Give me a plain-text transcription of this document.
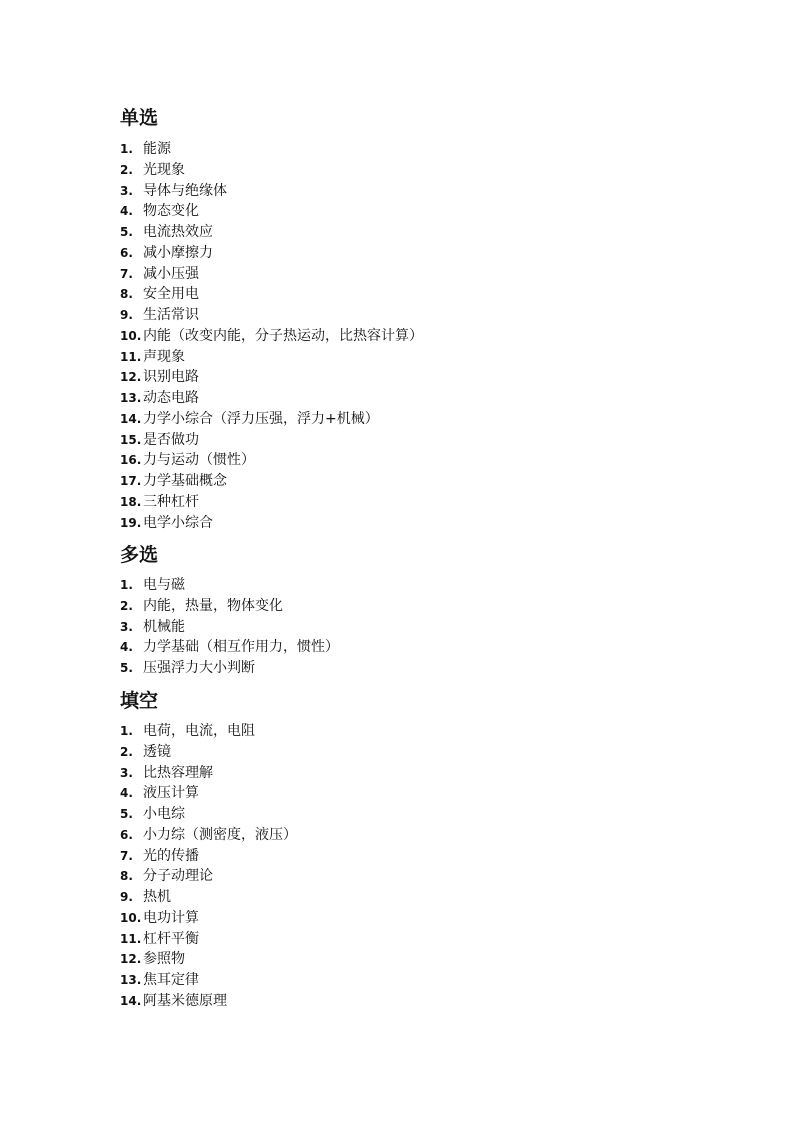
单选
1. 能源
2. 光现象
3. 导体与绝缘体
4. 物态变化
5. 电流热效应
6. 减小摩擦力
7. 减小压强
8. 安全用电
9. 生活常识
10. 内能（改变内能，分子热运动，比热容计算）
11. 声现象
12. 识别电路
13. 动态电路
14. 力学小综合（浮力压强，浮力+机械）
15. 是否做功
16. 力与运动（惯性）
17. 力学基础概念
18. 三种杠杆
19. 电学小综合
多选
1. 电与磁
2. 内能，热量，物体变化
3. 机械能
4. 力学基础（相互作用力，惯性）
5. 压强浮力大小判断
填空
1. 电荷，电流，电阻
2. 透镜
3. 比热容理解
4. 液压计算
5. 小电综
6. 小力综（测密度，液压）
7. 光的传播
8. 分子动理论
9. 热机
10. 电功计算
11. 杠杆平衡
12. 参照物
13. 焦耳定律
14. 阿基米德原理
